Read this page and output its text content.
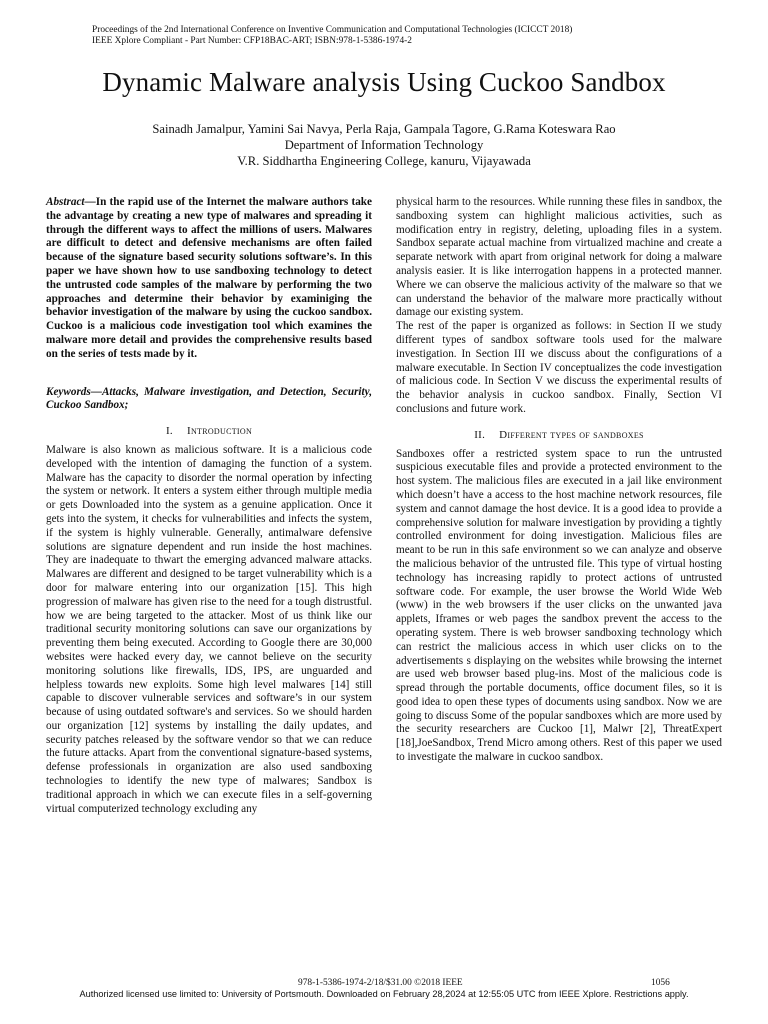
Proceedings of the 2nd International Conference on Inventive Communication and Computational Technologies (ICICCT 2018)
IEEE Xplore Compliant - Part Number: CFP18BAC-ART; ISBN:978-1-5386-1974-2
Dynamic Malware analysis Using Cuckoo Sandbox
Sainadh Jamalpur, Yamini Sai Navya, Perla Raja, Gampala Tagore, G.Rama Koteswara Rao
Department of Information Technology
V.R. Siddhartha Engineering College, kanuru, Vijayawada

Abstract—In the rapid use of the Internet the malware authors take the advantage by creating a new type of malwares and spreading it through the different ways to affect the millions of users. Malwares are difficult to detect and defensive mechanisms are often failed because of the signature based security solutions software’s. In this paper we have shown how to use sandboxing technology to detect the untrusted code samples of the malware by performing the two approaches and determine their behavior by examiniging the behavior investigation of the malware by using the cuckoo sandbox. Cuckoo is a malicious code investigation tool which examines the malware more detail and provides the comprehensive results based on the series of tests made by it.

Keywords—Attacks, Malware investigation, and Detection, Security, Cuckoo Sandbox;

I. Introduction

Malware is also known as malicious software. It is a malicious code developed with the intention of damaging the function of a system. Malware has the capacity to disorder the normal operation by infecting the system or network. It enters a system either through multiple media or gets Downloaded into the system as a genuine application. Once it gets into the system, it checks for vulnerabilities and infects the system, if the system is highly vulnerable. Generally, antimalware defensive solutions are signature dependent and run inside the host machines. They are inadequate to thwart the emerging advanced malware attacks. Malwares are different and designed to be target vulnerability which is a door for malware entering into our organization [15]. This high progression of malware has given rise to the need for a tough distrustful. how we are being targeted to the attacker. Most of us think like our traditional security monitoring solutions can save our organizations by preventing them being executed. According to Google there are 30,000 websites were hacked every day, we cannot believe on the security monitoring solutions like firewalls, IDS, IPS, are unguarded and helpless towards new exploits. Some high level malwares [14] still capable to discover vulnerable services and software’s in our system because of using outdated software's and services. So we should harden our organization [12] systems by installing the daily updates, and security patches released by the software vendor so that we can reduce the future attacks. Apart from the conventional signature-based systems, defense professionals in organization are also used sandboxing technologies to identify the new type of malwares; Sandbox is traditional approach in which we can execute files in a self-governing virtual computerized technology excluding any

physical harm to the resources. While running these files in sandbox, the sandboxing system can highlight malicious activities, such as modification entry in registry, deleting, uploading files in a system. Sandbox separate actual machine from virtualized machine and create a separate network with apart from original network for doing a malware analysis easier. It is like interrogation happens in a protected manner. Where we can observe the malicious activity of the malware so that we can understand the behavior of the malware more practically without damage our existing system.

The rest of the paper is organized as follows: in Section II we study different types of sandbox software tools used for the malware investigation. In Section III we discuss about the configurations of a malware executable. In Section IV conceptualizes the code investigation of malicious code. In Section V we discuss the experimental results of the behavior analysis in cuckoo sandbox. Finally, Section VI conclusions and future work.

II. Different types of sandboxes

Sandboxes offer a restricted system space to run the untrusted suspicious executable files and provide a protected environment to the host system. The malicious files are executed in a jail like environment which doesn’t have a access to the host machine network resources, file system and cannot damage the host device. It is a good idea to provide a comprehensive solution for malware investigation by providing a tightly controlled environment for doing investigation. Malicious files are meant to be run in this safe environment so we can analyze and observe the malicious behavior of the untrusted file. This type of virtual hosting technology has increasing rapidly to protect actions of untrusted software code. For example, the user browse the World Wide Web (www) in the web browsers if the user clicks on the unwanted java applets, Iframes or web pages the sandbox prevent the access to the operating system. There is web browser sandboxing technology which can restrict the malicious access in which user clicks on to the advertisements s displaying on the websites while browsing the internet are used web browser based plug-ins. Most of the malicious code is spread through the portable documents, office document files, so it is good idea to open these types of documents using sandbox. Now we are going to discuss Some of the popular sandboxes which are more used by the security researchers are Cuckoo [1], Malwr [2], ThreatExpert [18],JoeSandbox, Trend Micro among others. Rest of this paper we used to investigate the malware in cuckoo sandbox.

978-1-5386-1974-2/18/$31.00 ©2018 IEEE	1056
Authorized licensed use limited to: University of Portsmouth. Downloaded on February 28,2024 at 12:55:05 UTC from IEEE Xplore. Restrictions apply.
